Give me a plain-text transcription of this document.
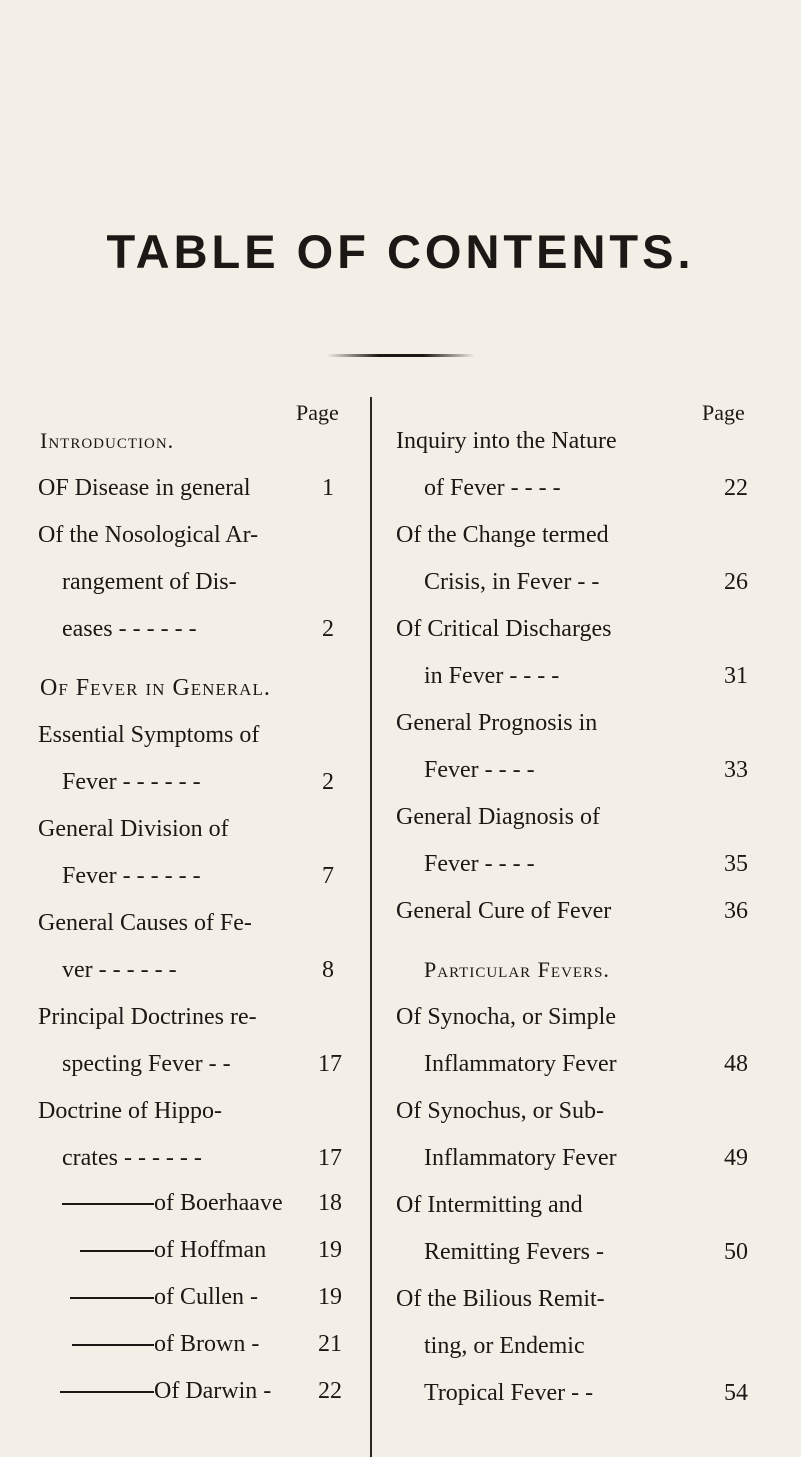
TABLE OF CONTENTS.
Page
Introduction.
OF Disease in general	1
Of the Nosological Ar-
rangement of Dis-
eases - - - - - -	2
Of Fever in General.
Essential Symptoms of
Fever - - - - - -	2
General Division of
Fever - - - - - -	7
General Causes of Fe-
ver - - - - - -	8
Principal Doctrines re-
specting Fever - -	17
Doctrine of Hippo-
crates - - - - - -	17
of Boerhaave	18
of Hoffman	19
of Cullen -	19
of Brown -	21
Of Darwin -	22
Page
Inquiry into the Nature
of Fever - - - -	22
Of the Change termed
Crisis, in Fever - -	26
Of Critical Discharges
in Fever - - - -	31
General Prognosis in
Fever - - - -	33
General Diagnosis of
Fever - - - -	35
General Cure of Fever	36
Particular Fevers.
Of Synocha, or Simple
Inflammatory Fever	48
Of Synochus, or Sub-
Inflammatory Fever	49
Of Intermitting and
Remitting Fevers -	50
Of the Bilious Remit-
ting, or Endemic
Tropical Fever - -	54
